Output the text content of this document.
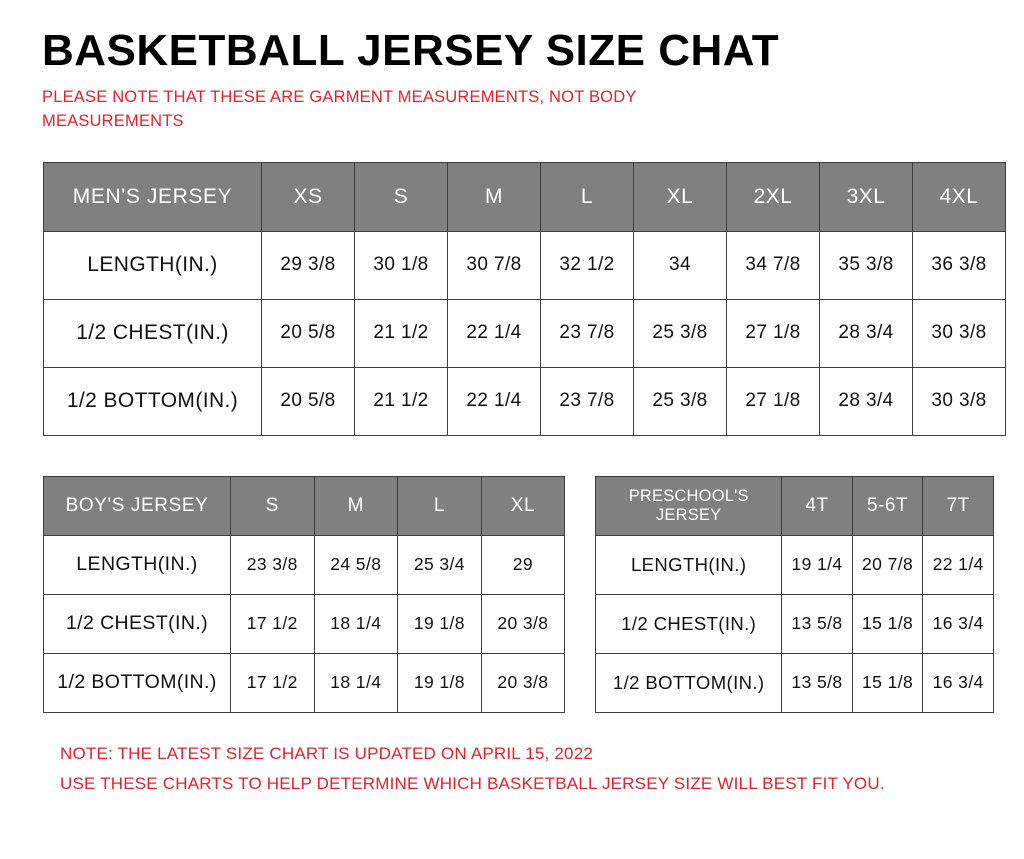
BASKETBALL JERSEY SIZE CHAT

PLEASE NOTE THAT THESE ARE GARMENT MEASUREMENTS, NOT BODY MEASUREMENTS

MEN'S JERSEY	XS	S	M	L	XL	2XL	3XL	4XL
LENGTH(IN.)	29 3/8	30 1/8	30 7/8	32 1/2	34	34 7/8	35 3/8	36 3/8
1/2 CHEST(IN.)	20 5/8	21 1/2	22 1/4	23 7/8	25 3/8	27 1/8	28 3/4	30 3/8
1/2 BOTTOM(IN.)	20 5/8	21 1/2	22 1/4	23 7/8	25 3/8	27 1/8	28 3/4	30 3/8
BOY'S JERSEY	S	M	L	XL
LENGTH(IN.)	23 3/8	24 5/8	25 3/4	29
1/2 CHEST(IN.)	17 1/2	18 1/4	19 1/8	20 3/8
1/2 BOTTOM(IN.)	17 1/2	18 1/4	19 1/8	20 3/8
PRESCHOOL'S JERSEY	4T	5-6T	7T
LENGTH(IN.)	19 1/4	20 7/8	22 1/4
1/2 CHEST(IN.)	13 5/8	15 1/8	16 3/4
1/2 BOTTOM(IN.)	13 5/8	15 1/8	16 3/4
NOTE: THE LATEST SIZE CHART IS UPDATED ON APRIL 15, 2022
USE THESE CHARTS TO HELP DETERMINE WHICH BASKETBALL JERSEY SIZE WILL BEST FIT YOU.
